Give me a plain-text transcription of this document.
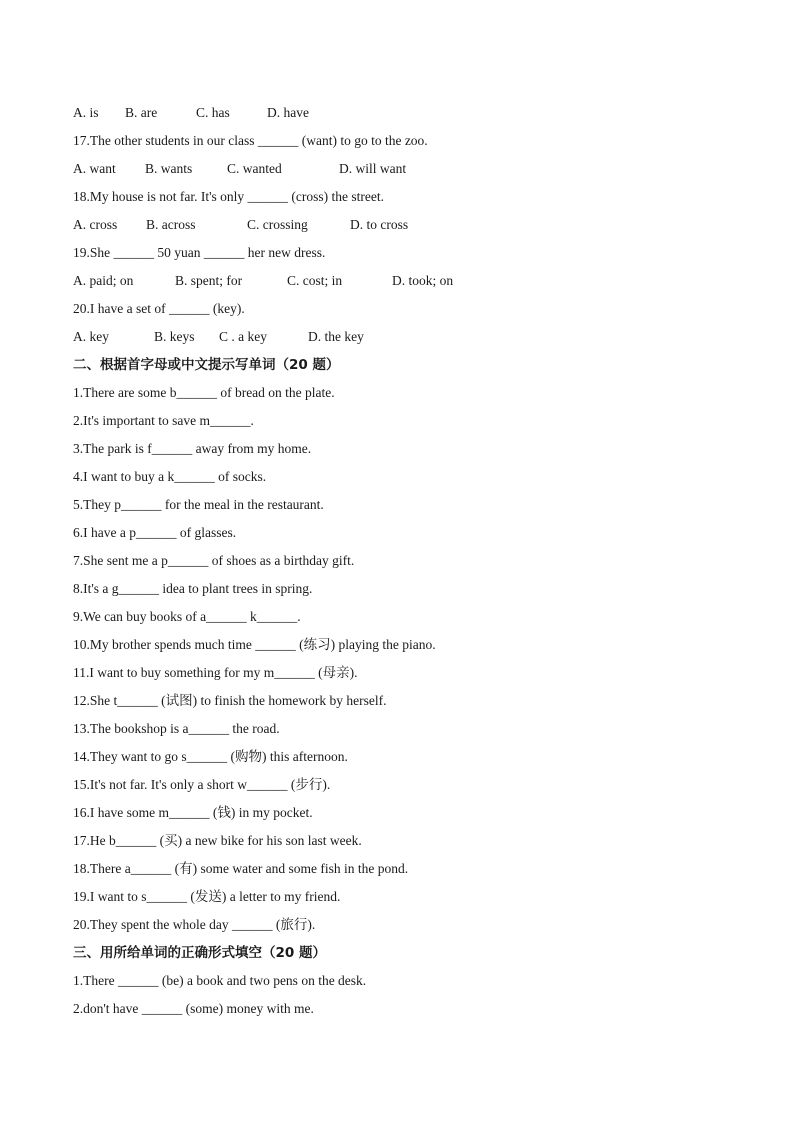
A. is	B. are	C. has	D. have
17.The other students in our class ______ (want) to go to the zoo.
A. want	B. wants	C. wanted	D. will want
18.My house is not far. It's only ______ (cross) the street.
A. cross	B. across	C. crossing	D. to cross
19.She ______ 50 yuan ______ her new dress.
A. paid; on	B. spent; for	C. cost; in	D. took; on
20.I have a set of ______ (key).
A. key	B. keys	C . a key	D. the key
二、根据首字母或中文提示写单词（20 题）
1.There are some b______ of bread on the plate.
2.It's important to save m______.
3.The park is f______ away from my home.
4.I want to buy a k______ of socks.
5.They p______ for the meal in the restaurant.
6.I have a p______ of glasses.
7.She sent me a p______ of shoes as a birthday gift.
8.It's a g______ idea to plant trees in spring.
9.We can buy books of a______ k______.
10.My brother spends much time ______ (练习) playing the piano.
11.I want to buy something for my m______ (母亲).
12.She t______ (试图) to finish the homework by herself.
13.The bookshop is a______ the road.
14.They want to go s______ (购物) this afternoon.
15.It's not far. It's only a short w______ (步行).
16.I have some m______ (钱) in my pocket.
17.He b______ (买) a new bike for his son last week.
18.There a______ (有) some water and some fish in the pond.
19.I want to s______ (发送) a letter to my friend.
20.They spent the whole day ______ (旅行).
三、用所给单词的正确形式填空（20 题）
1.There ______ (be) a book and two pens on the desk.
2.don't have ______ (some) money with me.
